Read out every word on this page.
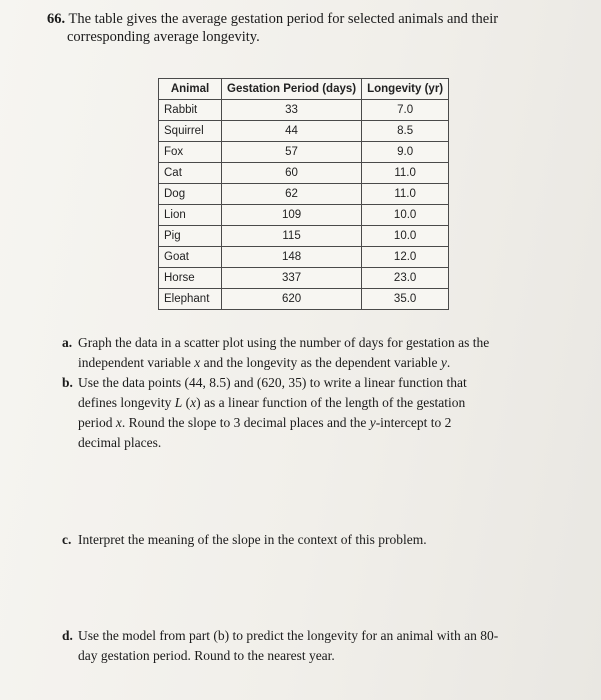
66. The table gives the average gestation period for selected animals and their
corresponding average longevity.
Animal	Gestation Period (days)	Longevity (yr)
Rabbit	33	7.0
Squirrel	44	8.5
Fox	57	9.0
Cat	60	11.0
Dog	62	11.0
Lion	109	10.0
Pig	115	10.0
Goat	148	12.0
Horse	337	23.0
Elephant	620	35.0
a. Graph the data in a scatter plot using the number of days for gestation as the
independent variable x and the longevity as the dependent variable y.
b. Use the data points (44, 8.5) and (620, 35) to write a linear function that
defines longevity L (x) as a linear function of the length of the gestation
period x. Round the slope to 3 decimal places and the y-intercept to 2
decimal places.
c. Interpret the meaning of the slope in the context of this problem.
d. Use the model from part (b) to predict the longevity for an animal with an 80-
day gestation period. Round to the nearest year.
